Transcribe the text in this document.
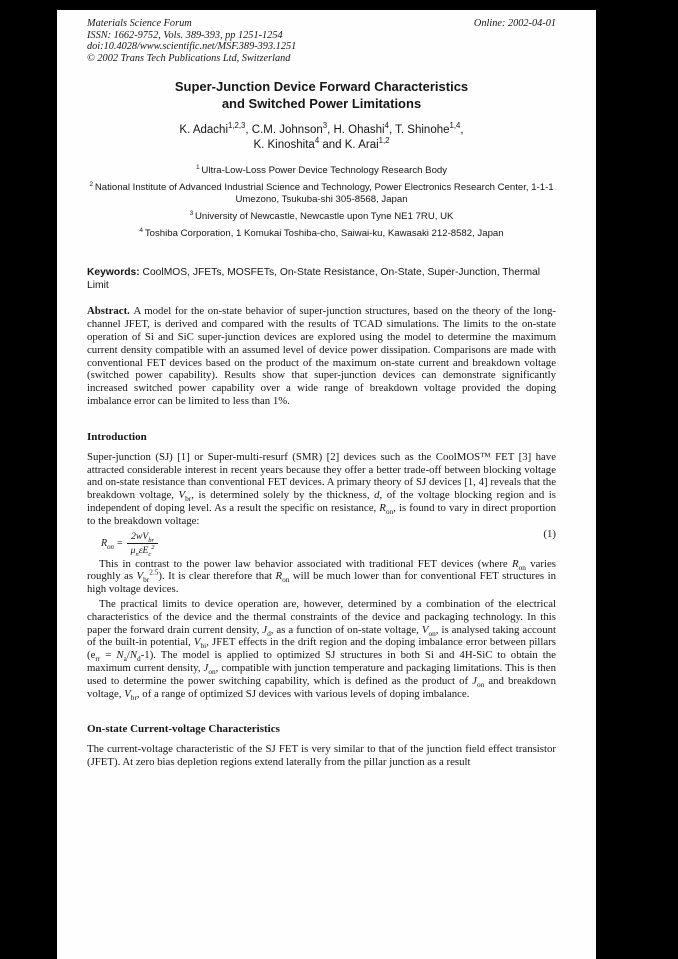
Materials Science Forum
ISSN: 1662-9752, Vols. 389-393, pp 1251-1254
doi:10.4028/www.scientific.net/MSF.389-393.1251
© 2002 Trans Tech Publications Ltd, Switzerland
Online: 2002-04-01
Super-Junction Device Forward Characteristics
and Switched Power Limitations
K. Adachi$^{1,2,3}$, C.M. Johnson$^3$, H. Ohashi$^4$, T. Shinohe$^{1,4}$,
K. Kinoshita$^4$ and K. Arai$^{1,2}$
$^1$ Ultra-Low-Loss Power Device Technology Research Body
$^2$ National Institute of Advanced Industrial Science and Technology, Power Electronics Research Center, 1-1-1 Umezono, Tsukuba-shi 305-8568, Japan
$^3$ University of Newcastle, Newcastle upon Tyne NE1 7RU, UK
$^4$ Toshiba Corporation, 1 Komukai Toshiba-cho, Saiwai-ku, Kawasaki 212-8582, Japan
Keywords: CoolMOS, JFETs, MOSFETs, On-State Resistance, On-State, Super-Junction, Thermal Limit
Abstract. A model for the on-state behavior of super-junction structures, based on the theory of the long-channel JFET, is derived and compared with the results of TCAD simulations. The limits to the on-state operation of Si and SiC super-junction devices are explored using the model to determine the maximum current density compatible with an assumed level of device power dissipation. Comparisons are made with conventional FET devices based on the product of the maximum on-state current and breakdown voltage (switched power capability). Results show that super-junction devices can demonstrate significantly increased switched power capability over a wide range of breakdown voltage provided the doping imbalance error can be limited to less than 1%.
Introduction
Super-junction (SJ) [1] or Super-multi-resurf (SMR) [2] devices such as the CoolMOS™ FET [3] have attracted considerable interest in recent years because they offer a better trade-off between blocking voltage and on-state resistance than conventional FET devices. A primary theory of SJ devices [1, 4] reveals that the breakdown voltage, $V_{br}$, is determined solely by the thickness, d, of the voltage blocking region and is independent of doping level. As a result the specific on resistance, $R_{on}$, is found to vary in direct proportion to the breakdown voltage:
$R_{on} = \frac{2wV_{br}}{\mu_n\varepsilon E_c^2}$	(1)
This in contrast to the power law behavior associated with traditional FET devices (where $R_{on}$ varies roughly as $V_{br}^{2.5}$). It is clear therefore that $R_{on}$ will be much lower than for conventional FET structures in high voltage devices.
The practical limits to device operation are, however, determined by a combination of the electrical characteristics of the device and the thermal constraints of the device and packaging technology. In this paper the forward drain current density, $J_d$, as a function of on-state voltage, $V_{on}$, is analysed taking account of the built-in potential, $V_{bi}$, JFET effects in the drift region and the doping imbalance error between pillars $(e_{rr} = N_a/N_d-1)$. The model is applied to optimized SJ structures in both Si and 4H-SiC to obtain the maximum current density, $J_{on}$, compatible with junction temperature and packaging limitations. This is then used to determine the power switching capability, which is defined as the product of $J_{on}$ and breakdown voltage, $V_{br}$, of a range of optimized SJ devices with various levels of doping imbalance.
On-state Current-voltage Characteristics
The current-voltage characteristic of the SJ FET is very similar to that of the junction field effect transistor (JFET). At zero bias depletion regions extend laterally from the pillar junction as a result
